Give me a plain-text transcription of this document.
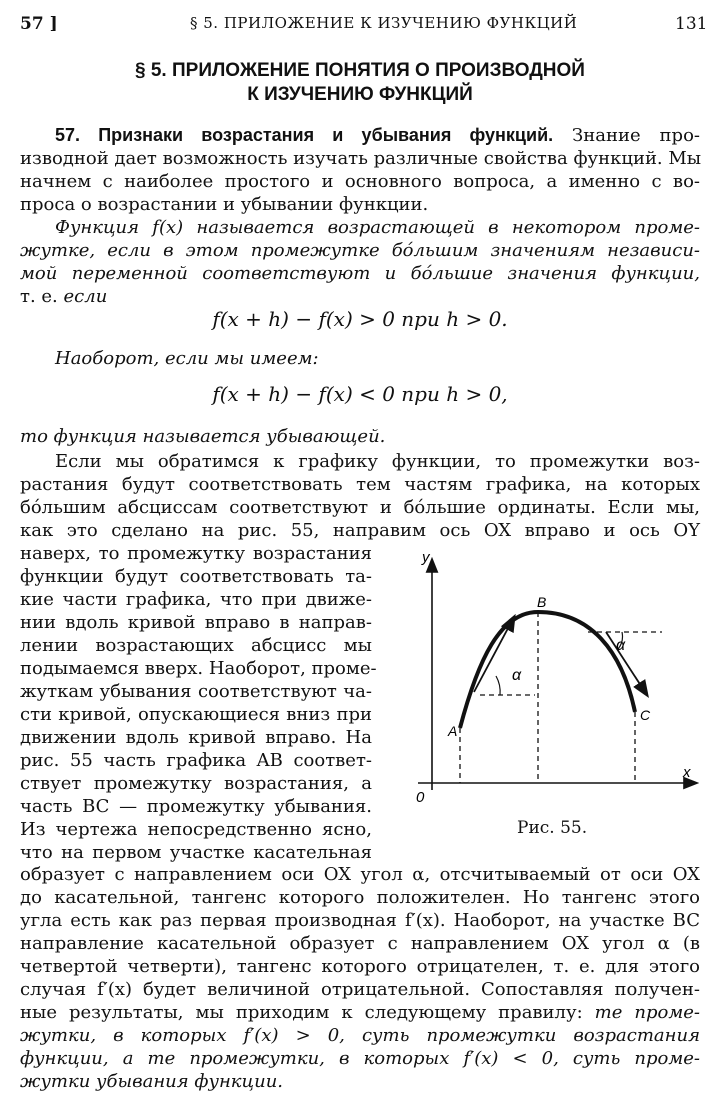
57 ]	§ 5. ПРИЛОЖЕНИЕ К ИЗУЧЕНИЮ ФУНКЦИЙ	131
§ 5. ПРИЛОЖЕНИЕ ПОНЯТИЯ О ПРОИЗВОДНОЙ
К ИЗУЧЕНИЮ ФУНКЦИЙ
57. Признаки возрастания и убывания функций. Знание про-
изводной дает возможность изучать различные свойства функций. Мы
начнем с наиболее простого и основного вопроса, а именно с во-
проса о возрастании и убывании функции.
Функция f(x) называется возрастающей в некотором проме-
жутке, если в этом промежутке бо́льшим значениям независи-
мой переменной соответствуют и бо́льшие значения функции,
т. е. если
f(x + h) − f(x) > 0 при h > 0.
Наоборот, если мы имеем:
f(x + h) − f(x) < 0 при h > 0,
то функция называется убывающей.
Если мы обратимся к графику функции, то промежутки воз-
растания будут соответствовать тем частям графика, на которых
бо́льшим абсциссам соответствуют и бо́льшие ординаты. Если мы,
как это сделано на рис. 55, направим ось OX вправо и ось OY
наверх, то промежутку возрастания
функции будут соответствовать та-
кие части графика, что при движе-
нии вдоль кривой вправо в направ-
лении возрастающих абсцисс мы
подымаемся вверх. Наоборот, проме-
жуткам убывания соответствуют ча-
сти кривой, опускающиеся вниз при
движении вдоль кривой вправо. На
рис. 55 часть графика AB соответ-
ствует промежутку возрастания, а
часть BC — промежутку убывания.
Из чертежа непосредственно ясно,
что на первом участке касательная
образует с направлением оси OX угол α, отсчитываемый от оси OX
до касательной, тангенс которого положителен. Но тангенс этого
угла есть как раз первая производная f′(x). Наоборот, на участке BC
направление касательной образует с направлением OX угол α (в
четвертой четверти), тангенс которого отрицателен, т. е. для этого
случая f′(x) будет величиной отрицательной. Сопоставляя получен-
ные результаты, мы приходим к следующему правилу: те проме-
жутки, в которых f′(x) > 0, суть промежутки возрастания
функции, а те промежутки, в которых f′(x) < 0, суть проме-
жутки убывания функции.
y
x
0
A
B
C
α
α
Рис. 55.
